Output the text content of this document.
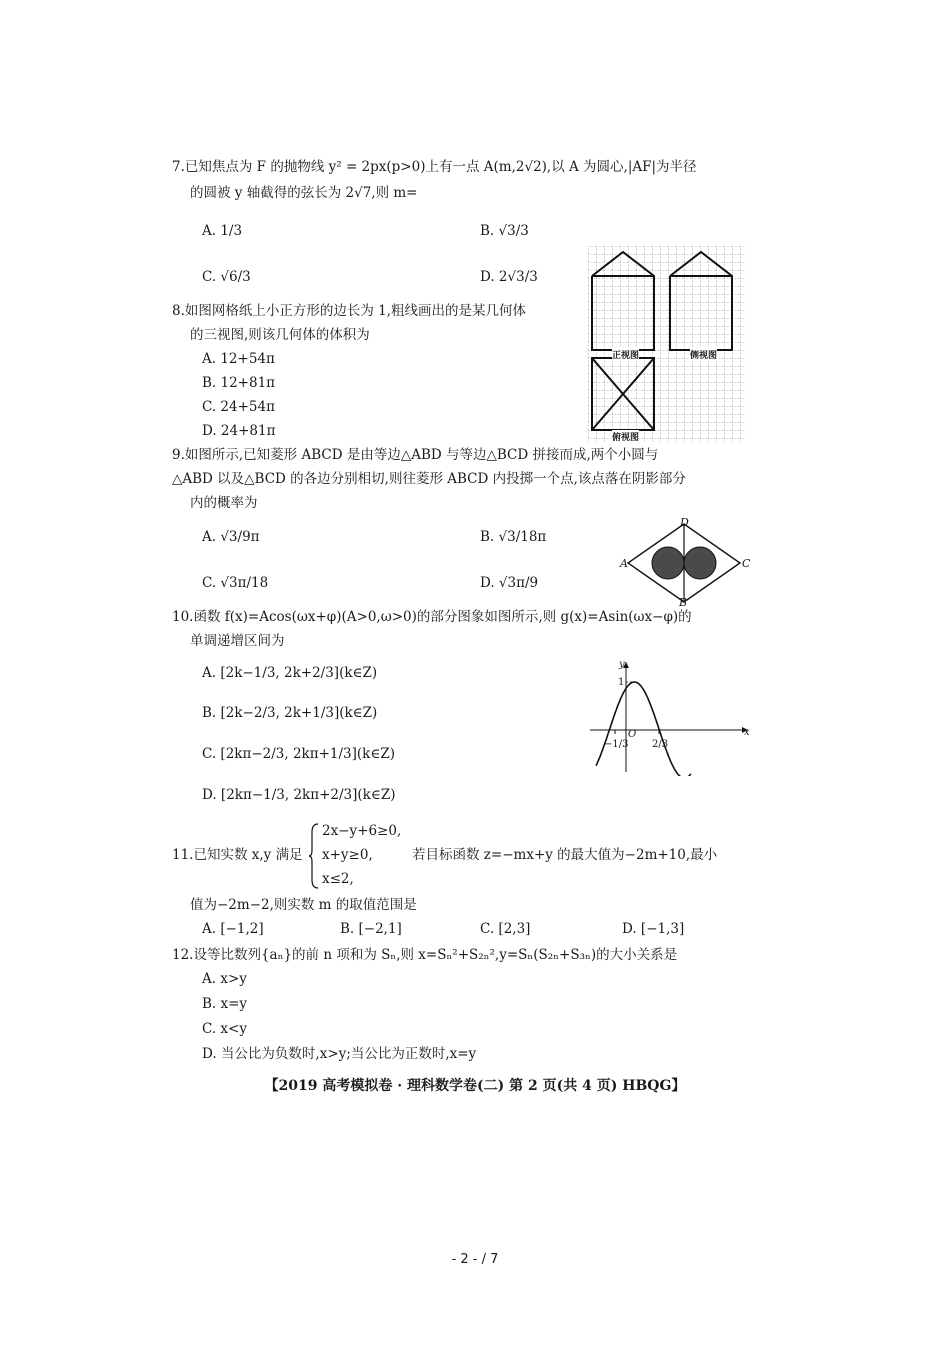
7.已知焦点为 F 的抛物线 y² = 2px(p>0)上有一点 A(m,2√2),以 A 为圆心,|AF|为半径
的圆被 y 轴截得的弦长为 2√7,则 m=
A. 1/3	B. √3/3
C. √6/3	D. 2√3/3
8.如图网格纸上小正方形的边长为 1,粗线画出的是某几何体
的三视图,则该几何体的体积为
A. 12+54π
B. 12+81π
C. 24+54π
D. 24+81π
正视图	侧视图
俯视图
9.如图所示,已知菱形 ABCD 是由等边△ABD 与等边△BCD 拼接而成,两个小圆与
△ABD 以及△BCD 的各边分别相切,则往菱形 ABCD 内投掷一个点,该点落在阴影部分
内的概率为
A. √3/9π	B. √3/18π
C. √3π/18	D. √3π/9
A
D
C
B
10.函数 f(x)=Acos(ωx+φ)(A>0,ω>0)的部分图象如图所示,则 g(x)=Asin(ωx−φ)的
单调递增区间为
A. [2k−1/3, 2k+2/3](k∈Z)
B. [2k−2/3, 2k+1/3](k∈Z)
C. [2kπ−2/3, 2kπ+1/3](k∈Z)
D. [2kπ−1/3, 2kπ+2/3](k∈Z)
y
x
O
1
−1/3 2/3
11.已知实数 x,y 满足
2x−y+6≥0,
x+y≥0,
x≤2,
若目标函数 z=−mx+y 的最大值为−2m+10,最小
值为−2m−2,则实数 m 的取值范围是
A. [−1,2]	B. [−2,1]	C. [2,3]	D. [−1,3]
12.设等比数列{aₙ}的前 n 项和为 Sₙ,则 x=Sₙ²+S₂ₙ²,y=Sₙ(S₂ₙ+S₃ₙ)的大小关系是
A. x>y
B. x=y
C. x<y
D. 当公比为负数时,x>y;当公比为正数时,x=y
【2019 高考模拟卷 · 理科数学卷(二) 第 2 页(共 4 页) HBQG】
- 2 - / 7
